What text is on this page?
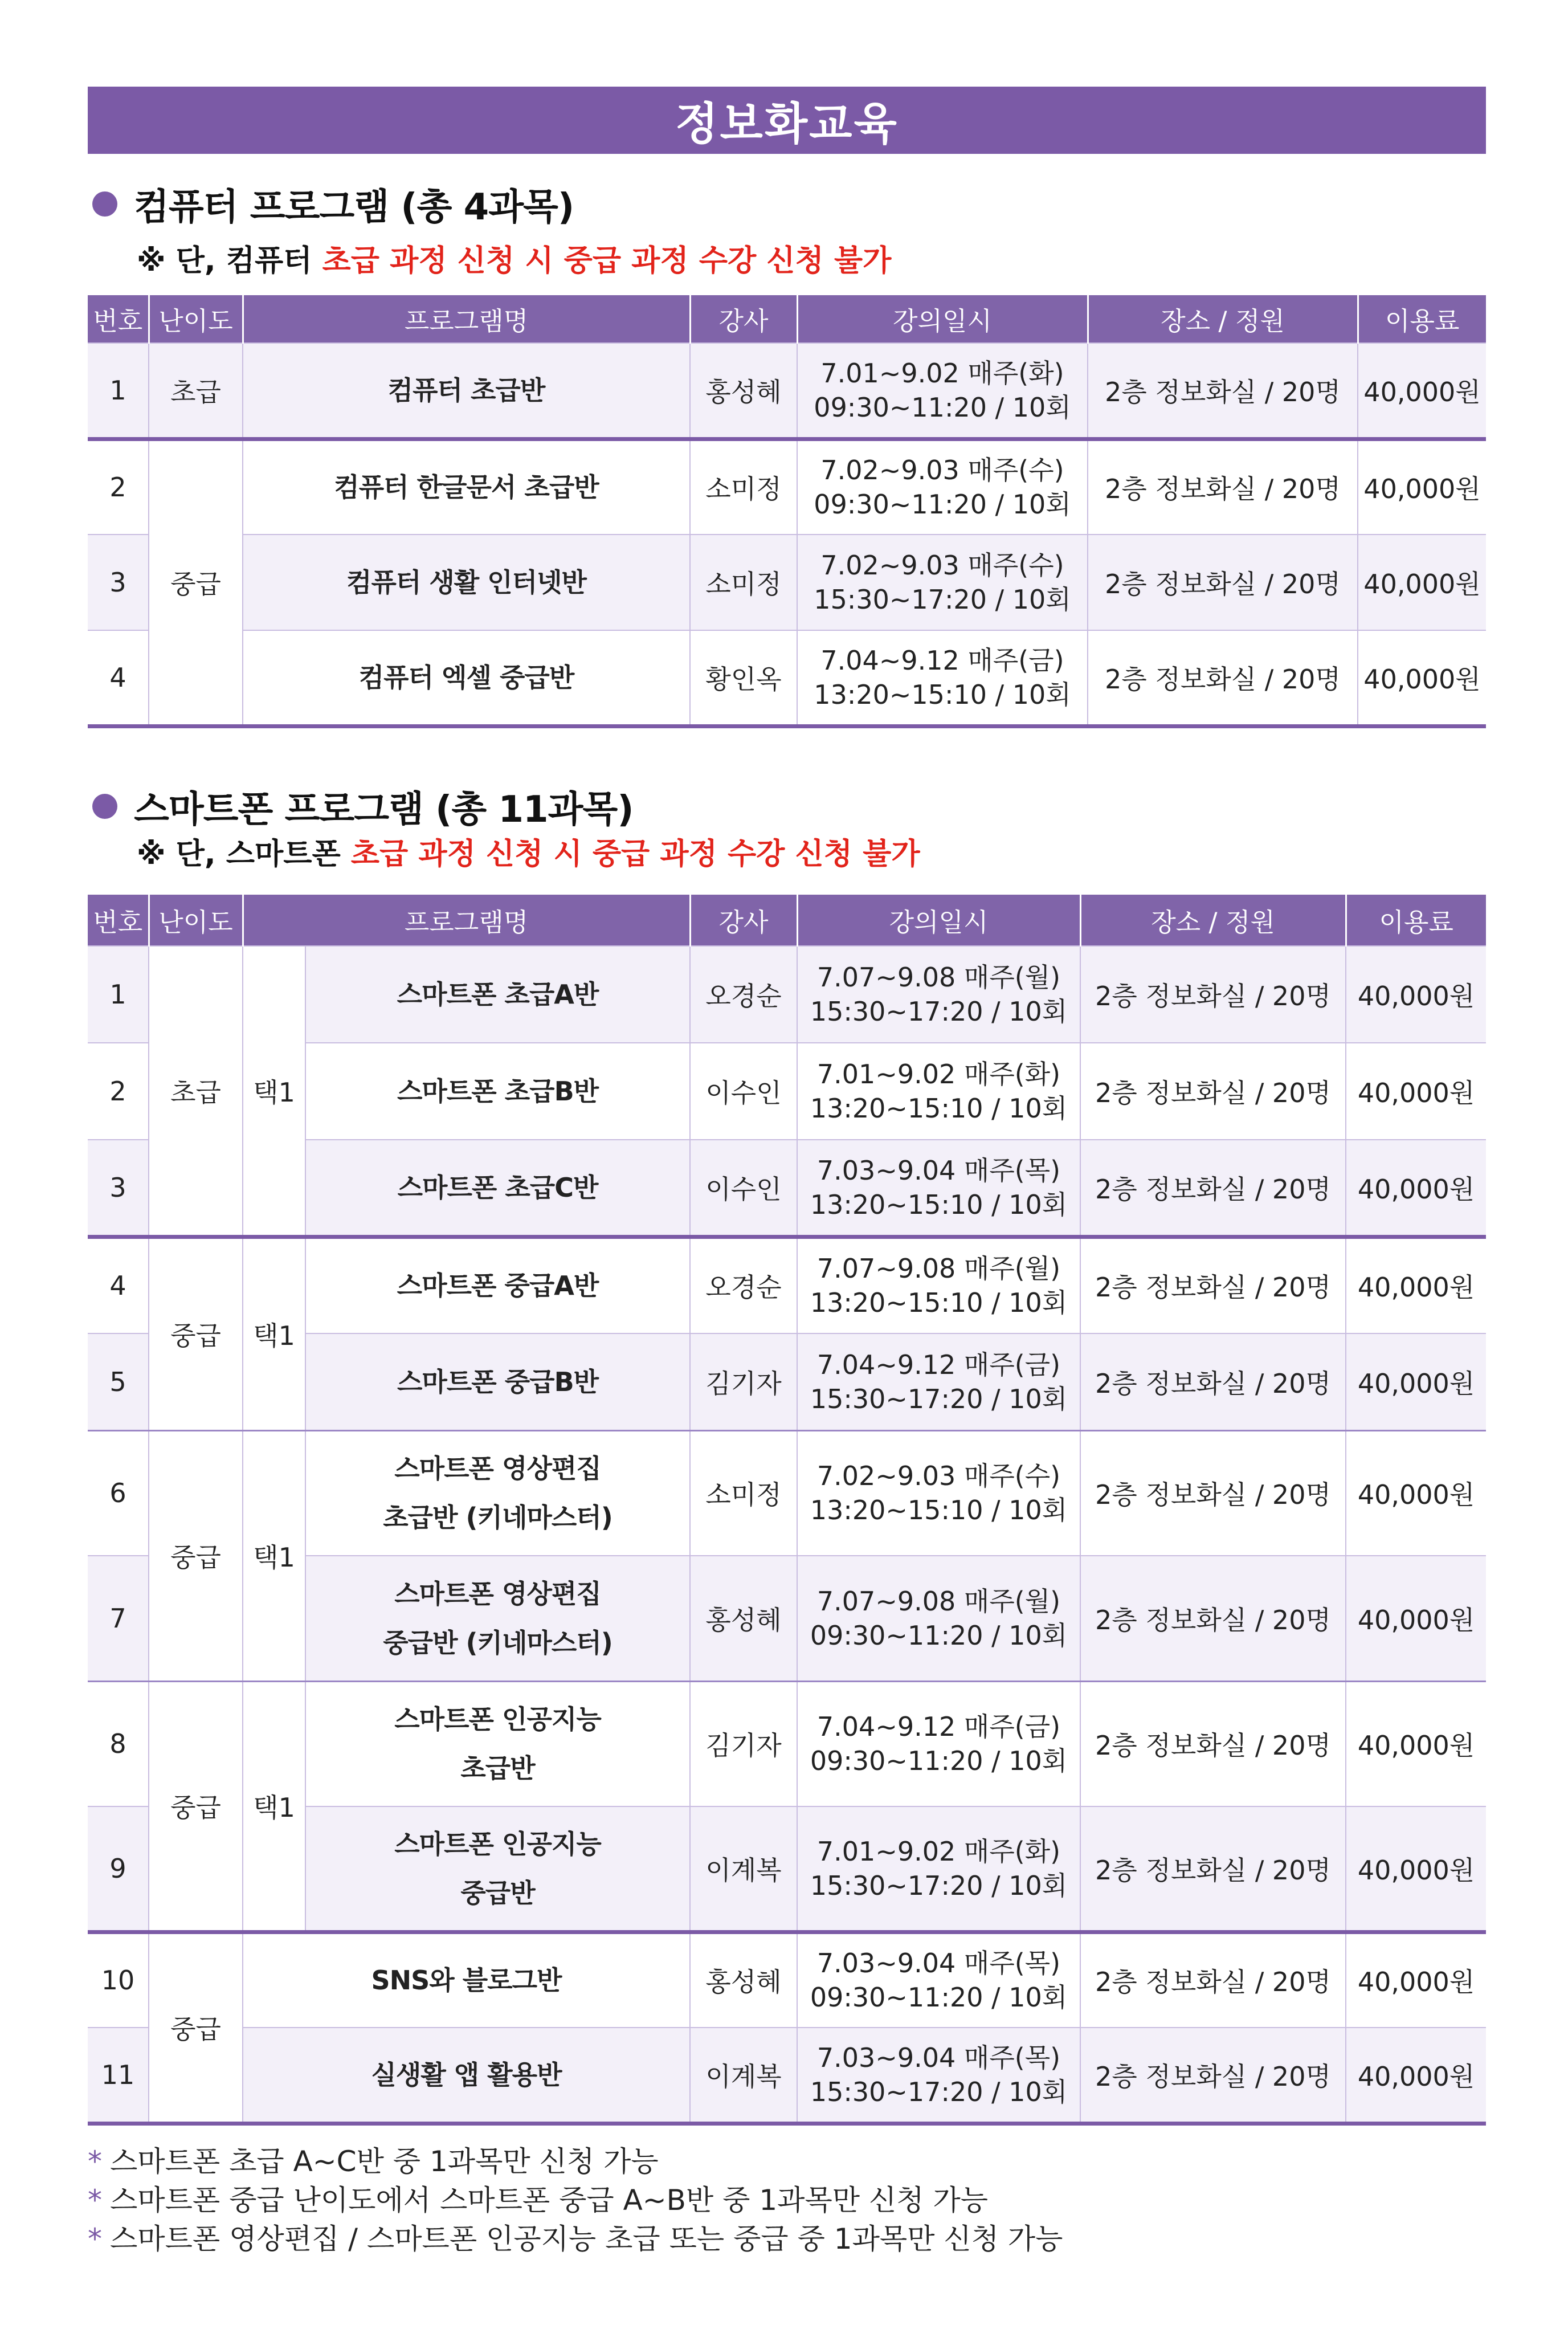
정보화교육
컴퓨터 프로그램 (총 4과목)
※ 단, 컴퓨터 초급 과정 신청 시 중급 과정 수강 신청 불가
번호	난이도	프로그램명	강사	강의일시	장소 / 정원	이용료
1	초급	컴퓨터 초급반	홍성혜	7.01~9.02 매주(화)
09:30~11:20 / 10회	2층 정보화실 / 20명	40,000원
2	중급	컴퓨터 한글문서 초급반	소미정	7.02~9.03 매주(수)
09:30~11:20 / 10회	2층 정보화실 / 20명	40,000원
3		컴퓨터 생활 인터넷반	소미정	7.02~9.03 매주(수)
15:30~17:20 / 10회	2층 정보화실 / 20명	40,000원
4		컴퓨터 엑셀 중급반	황인옥	7.04~9.12 매주(금)
13:20~15:10 / 10회	2층 정보화실 / 20명	40,000원
스마트폰 프로그램 (총 11과목)
※ 단, 스마트폰 초급 과정 신청 시 중급 과정 수강 신청 불가
번호	난이도	프로그램명		강사	강의일시	장소 / 정원	이용료
1	초급	택1	스마트폰 초급A반	오경순	7.07~9.08 매주(월)
15:30~17:20 / 10회	2층 정보화실 / 20명	40,000원
2			스마트폰 초급B반	이수인	7.01~9.02 매주(화)
13:20~15:10 / 10회	2층 정보화실 / 20명	40,000원
3			스마트폰 초급C반	이수인	7.03~9.04 매주(목)
13:20~15:10 / 10회	2층 정보화실 / 20명	40,000원
4	중급	택1	스마트폰 중급A반	오경순	7.07~9.08 매주(월)
13:20~15:10 / 10회	2층 정보화실 / 20명	40,000원
5			스마트폰 중급B반	김기자	7.04~9.12 매주(금)
15:30~17:20 / 10회	2층 정보화실 / 20명	40,000원
6	중급	택1	스마트폰 영상편집
초급반 (키네마스터)	소미정	7.02~9.03 매주(수)
13:20~15:10 / 10회	2층 정보화실 / 20명	40,000원
7			스마트폰 영상편집
중급반 (키네마스터)	홍성혜	7.07~9.08 매주(월)
09:30~11:20 / 10회	2층 정보화실 / 20명	40,000원
8	중급	택1	스마트폰 인공지능
초급반	김기자	7.04~9.12 매주(금)
09:30~11:20 / 10회	2층 정보화실 / 20명	40,000원
9			스마트폰 인공지능
중급반	이계복	7.01~9.02 매주(화)
15:30~17:20 / 10회	2층 정보화실 / 20명	40,000원
10	중급	SNS와 블로그반		홍성혜	7.03~9.04 매주(목)
09:30~11:20 / 10회	2층 정보화실 / 20명	40,000원
11		실생활 앱 활용반		이계복	7.03~9.04 매주(목)
15:30~17:20 / 10회	2층 정보화실 / 20명	40,000원
* 스마트폰 초급 A~C반 중 1과목만 신청 가능
* 스마트폰 중급 난이도에서 스마트폰 중급 A~B반 중 1과목만 신청 가능
* 스마트폰 영상편집 / 스마트폰 인공지능 초급 또는 중급 중 1과목만 신청 가능
